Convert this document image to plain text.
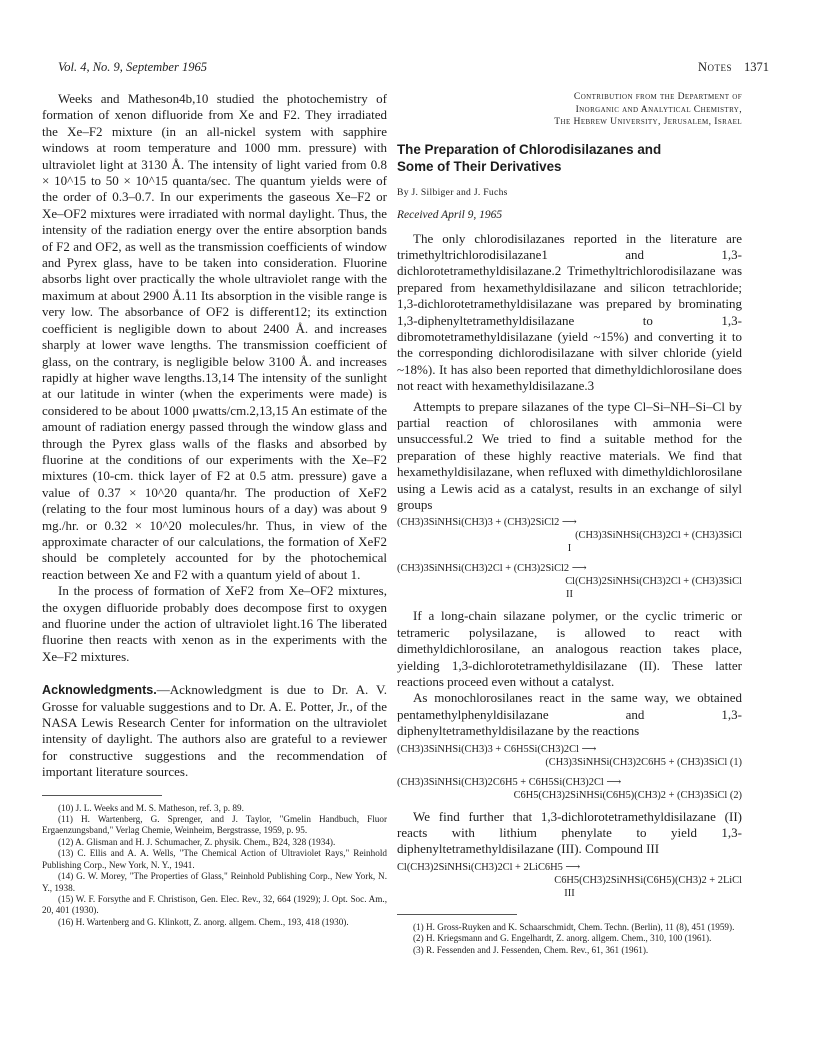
Vol. 4, No. 9, September 1965	Notes 1371

Weeks and Matheson4b,10 studied the photochemistry of formation of xenon difluoride from Xe and F2. They irradiated the Xe–F2 mixture (in an all-nickel system with sapphire windows at room temperature and 1000 mm. pressure) with ultraviolet light at 3130 Å. The intensity of light varied from 0.8 × 10^15 to 50 × 10^15 quanta/sec. The quantum yields were of the order of 0.3–0.7. In our experiments the gaseous Xe–F2 or Xe–OF2 mixtures were irradiated with normal daylight. Thus, the intensity of the radiation energy over the entire absorption bands of F2 and OF2, as well as the transmission coefficients of window and Pyrex glass, have to be taken into consideration. Fluorine absorbs light over practically the whole ultraviolet range with the maximum at about 2900 Å.11 Its absorption in the visible range is very low. The absorbance of OF2 is different12; its extinction coefficient is negligible down to about 2400 Å. and increases sharply at lower wave lengths. The transmission coefficient of glass, on the contrary, is negligible below 3100 Å. and increases rapidly at higher wave lengths.13,14 The intensity of the sunlight at our latitude in winter (when the experiments were made) is considered to be about 1000 μwatts/cm.2,13,15 An estimate of the amount of radiation energy passed through the window glass and through the Pyrex glass walls of the flasks and absorbed by fluorine at the conditions of our experiments with the Xe–F2 mixtures (10-cm. thick layer of F2 at 0.5 atm. pressure) gave a value of 0.37 × 10^20 quanta/hr. The production of XeF2 (relating to the four most luminous hours of a day) was about 9 mg./hr. or 0.32 × 10^20 molecules/hr. Thus, in view of the approximate character of our calculations, the formation of XeF2 should be completely accounted for by the photochemical reaction between Xe and F2 with a quantum yield of about 1.

In the process of formation of XeF2 from Xe–OF2 mixtures, the oxygen difluoride probably does decompose first to oxygen and fluorine under the action of ultraviolet light.16 The liberated fluorine then reacts with xenon as in the experiments with the Xe–F2 mixtures.

Acknowledgments.—Acknowledgment is due to Dr. A. V. Grosse for valuable suggestions and to Dr. A. E. Potter, Jr., of the NASA Lewis Research Center for information on the ultraviolet intensity of daylight. The authors also are grateful to a reviewer for constructive suggestions and the recommendation of important literature sources.

(10) J. L. Weeks and M. S. Matheson, ref. 3, p. 89.

(11) H. Wartenberg, G. Sprenger, and J. Taylor, "Gmelin Handbuch, Fluor Ergaenzungsband," Verlag Chemie, Weinheim, Bergstrasse, 1959, p. 95.

(12) A. Glisman and H. J. Schumacher, Z. physik. Chem., B24, 328 (1934).

(13) C. Ellis and A. A. Wells, "The Chemical Action of Ultraviolet Rays," Reinhold Publishing Corp., New York, N. Y., 1941.

(14) G. W. Morey, "The Properties of Glass," Reinhold Publishing Corp., New York, N. Y., 1938.

(15) W. F. Forsythe and F. Christison, Gen. Elec. Rev., 32, 664 (1929); J. Opt. Soc. Am., 20, 401 (1930).

(16) H. Wartenberg and G. Klinkott, Z. anorg. allgem. Chem., 193, 418 (1930).

Contribution from the Department of
Inorganic and Analytical Chemistry,
The Hebrew University, Jerusalem, Israel
The Preparation of Chlorodisilazanes and
Some of Their Derivatives
By J. Silbiger and J. Fuchs
Received April 9, 1965

The only chlorodisilazanes reported in the literature are trimethyltrichlorodisilazane1 and 1,3-dichlorotetramethyldisilazane.2 Trimethyltrichlorodisilazane was prepared from hexamethyldisilazane and silicon tetrachloride; 1,3-dichlorotetramethyldisilazane was prepared by brominating 1,3-diphenyltetramethyldisilazane to 1,3-dibromotetramethyldisilazane (yield ~15%) and converting it to the corresponding dichlorodisilazane with silver chloride (yield ~18%). It has also been reported that dimethyldichlorosilane does not react with hexamethyldisilazane.3

Attempts to prepare silazanes of the type Cl–Si–NH–Si–Cl by partial reaction of chlorosilanes with ammonia were unsuccessful.2 We tried to find a suitable method for the preparation of these highly reactive materials. We find that hexamethyldisilazane, when refluxed with dimethyldichlorosilane using a Lewis acid as a catalyst, results in an exchange of silyl groups

(CH3)3SiNHSi(CH3)3 + (CH3)2SiCl2 ⟶
(CH3)3SiNHSi(CH3)2Cl + (CH3)3SiCl
I
(CH3)3SiNHSi(CH3)2Cl + (CH3)2SiCl2 ⟶
Cl(CH3)2SiNHSi(CH3)2Cl + (CH3)3SiCl
II

If a long-chain silazane polymer, or the cyclic trimeric or tetrameric polysilazane, is allowed to react with dimethyldichlorosilane, an analogous reaction takes place, yielding 1,3-dichlorotetramethyldisilazane (II). These latter reactions proceed even without a catalyst.

As monochlorosilanes react in the same way, we obtained pentamethylphenyldisilazane and 1,3-diphenyltetramethyldisilazane by the reactions

(CH3)3SiNHSi(CH3)3 + C6H5Si(CH3)2Cl ⟶
(CH3)3SiNHSi(CH3)2C6H5 + (CH3)3SiCl (1)
(CH3)3SiNHSi(CH3)2C6H5 + C6H5Si(CH3)2Cl ⟶
C6H5(CH3)2SiNHSi(C6H5)(CH3)2 + (CH3)3SiCl (2)

We find further that 1,3-dichlorotetramethyldisilazane (II) reacts with lithium phenylate to yield 1,3-diphenyltetramethyldisilazane (III). Compound III

Cl(CH3)2SiNHSi(CH3)2Cl + 2LiC6H5 ⟶
C6H5(CH3)2SiNHSi(C6H5)(CH3)2 + 2LiCl
III

(1) H. Gross-Ruyken and K. Schaarschmidt, Chem. Techn. (Berlin), 11 (8), 451 (1959).

(2) H. Kriegsmann and G. Engelhardt, Z. anorg. allgem. Chem., 310, 100 (1961).

(3) R. Fessenden and J. Fessenden, Chem. Rev., 61, 361 (1961).
